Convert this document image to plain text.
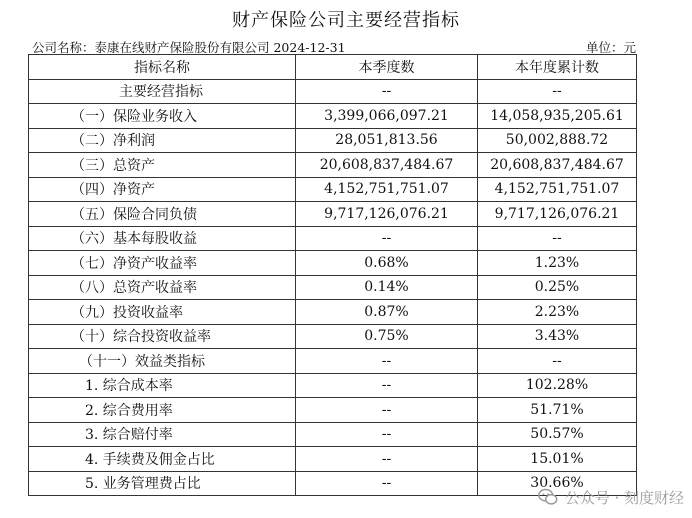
财产保险公司主要经营指标
公司名称：泰康在线财产保险股份有限公司 2024-12-31	单位：元
指标名称	本季度数	本年度累计数
主要经营指标	--	--
（一）保险业务收入	3,399,066,097.21	14,058,935,205.61
（二）净利润	28,051,813.56	50,002,888.72
（三）总资产	20,608,837,484.67	20,608,837,484.67
（四）净资产	4,152,751,751.07	4,152,751,751.07
（五）保险合同负债	9,717,126,076.21	9,717,126,076.21
（六）基本每股收益	--	--
（七）净资产收益率	0.68%	1.23%
（八）总资产收益率	0.14%	0.25%
（九）投资收益率	0.87%	2.23%
（十）综合投资收益率	0.75%	3.43%
（十一）效益类指标	--	--
1. 综合成本率	--	102.28%
2. 综合费用率	--	51.71%
3. 综合赔付率	--	50.57%
4. 手续费及佣金占比	--	15.01%
5. 业务管理费占比	--	30.66%
公众号 · 刻度财经
